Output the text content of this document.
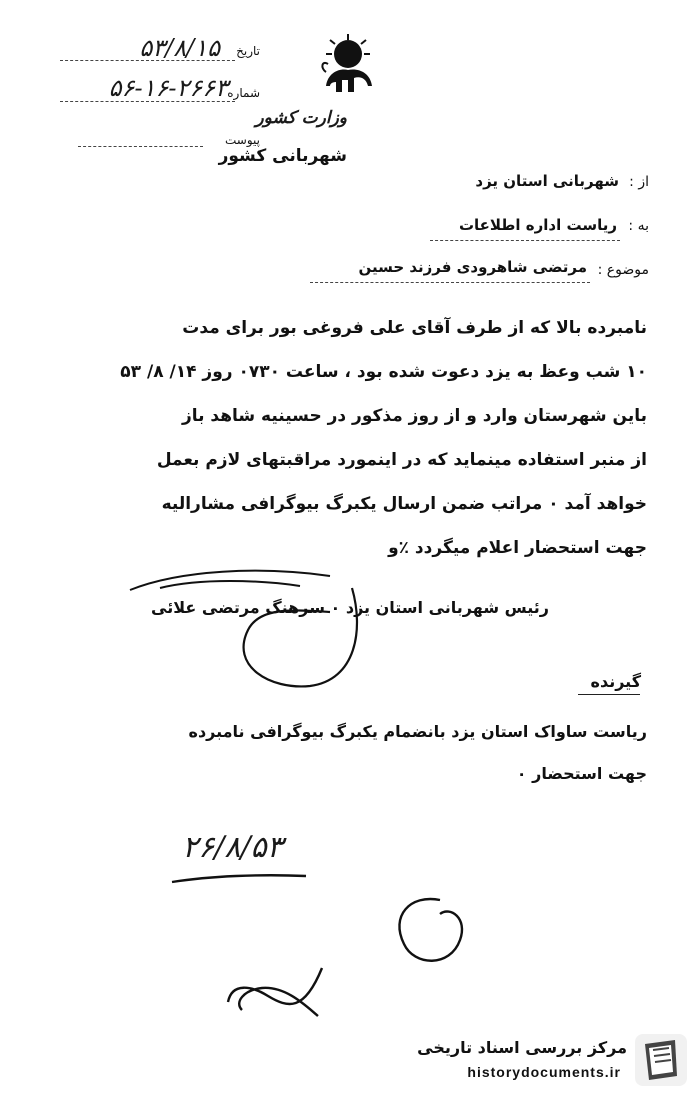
تاریخ
۵۳/۸/۱۵
شماره
۵۶-۱۶-۲۶۶۳
پیوست
وزارت کشور
شهربانی کشور
از :
شهربانی استان یزد
به :
ریاست اداره اطلاعات
موضوع :
مرتضی شاهرودی فرزند حسین
نامبرده بالا که از طرف آقای علی فروغی بور برای مدت
۱۰ شب وعظ به یزد دعوت شده بود ، ساعت ۰۷۳۰ روز ۱۴/ ۸/ ۵۳
باین شهرستان وارد و از روز مذکور در حسینیه شاهد باز
از منبر استفاده مینماید که در اینمورد مراقبتهای لازم بعمل
خواهد آمد ۰ مراتب ضمن ارسال یکبرگ بیوگرافی مشارالیه
جهت استحضار اعلام میگردد ٪و
رئیس شهربانی استان یزد ۰ سرهنگ مرتضی علائی
گیرنده
ریاست ساواک استان یزد بانضمام یکبرگ بیوگرافی نامبرده
جهت استحضار ۰
۲۶/۸/۵۳
مرکز بررسی اسناد تاریخی
historydocuments.ir
